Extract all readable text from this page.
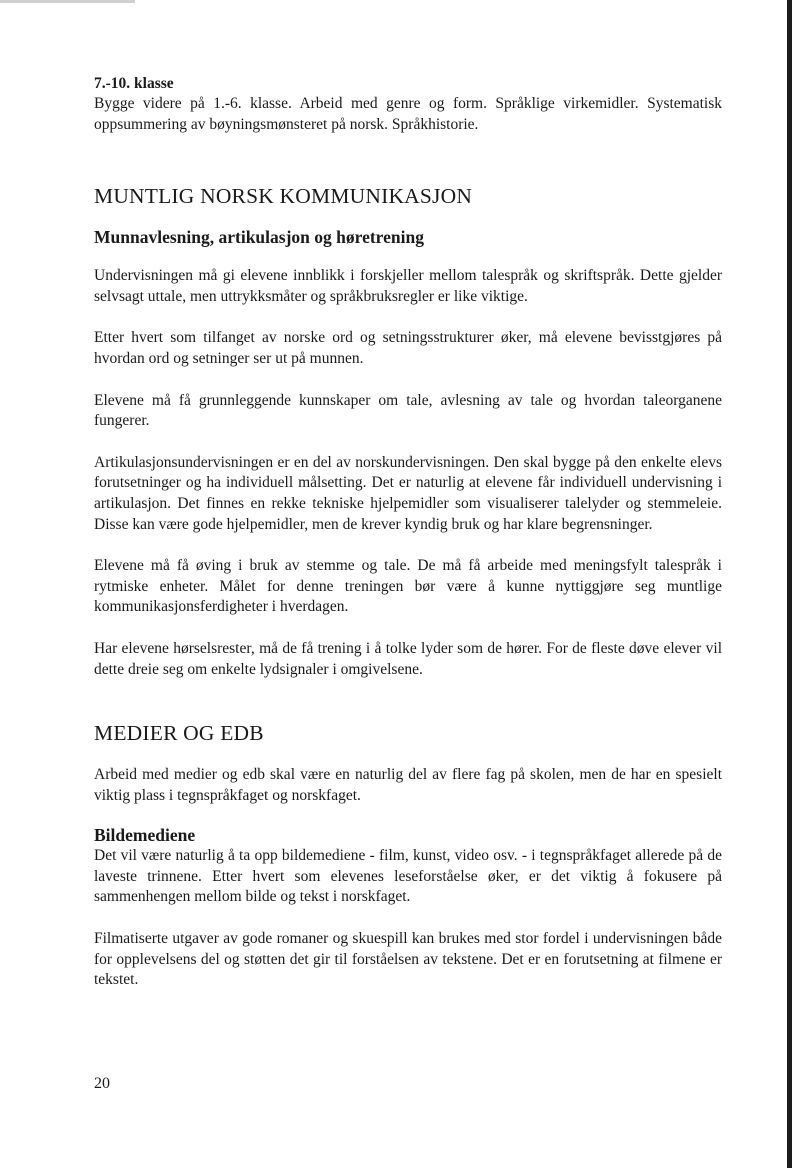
7.-10. klasse

Bygge videre på 1.-6. klasse. Arbeid med genre og form. Språklige virkemidler. Systematisk oppsummering av bøyningsmønsteret på norsk. Språkhistorie.

MUNTLIG NORSK KOMMUNIKASJON
Munnavlesning, artikulasjon og høretrening

Undervisningen må gi elevene innblikk i forskjeller mellom talespråk og skriftspråk. Dette gjelder selvsagt uttale, men uttrykksmåter og språkbruksregler er like viktige.

Etter hvert som tilfanget av norske ord og setningsstrukturer øker, må elevene bevisstgjøres på hvordan ord og setninger ser ut på munnen.

Elevene må få grunnleggende kunnskaper om tale, avlesning av tale og hvordan taleorganene fungerer.

Artikulasjonsundervisningen er en del av norskundervisningen. Den skal bygge på den enkelte elevs forutsetninger og ha individuell målsetting. Det er naturlig at elevene får individuell undervisning i artikulasjon. Det finnes en rekke tekniske hjelpemidler som visualiserer talelyder og stemmeleie. Disse kan være gode hjelpemidler, men de krever kyndig bruk og har klare begrensninger.

Elevene må få øving i bruk av stemme og tale. De må få arbeide med meningsfylt talespråk i rytmiske enheter. Målet for denne treningen bør være å kunne nyttiggjøre seg muntlige kommunikasjonsferdigheter i hverdagen.

Har elevene hørselsrester, må de få trening i å tolke lyder som de hører. For de fleste døve elever vil dette dreie seg om enkelte lydsignaler i omgivelsene.

MEDIER OG EDB

Arbeid med medier og edb skal være en naturlig del av flere fag på skolen, men de har en spesielt viktig plass i tegnspråkfaget og norskfaget.

Bildemediene

Det vil være naturlig å ta opp bildemediene - film, kunst, video osv. - i tegnspråkfaget allerede på de laveste trinnene. Etter hvert som elevenes leseforståelse øker, er det viktig å fokusere på sammenhengen mellom bilde og tekst i norskfaget.

Filmatiserte utgaver av gode romaner og skuespill kan brukes med stor fordel i undervisningen både for opplevelsens del og støtten det gir til forståelsen av tekstene. Det er en forutsetning at filmene er tekstet.

20
